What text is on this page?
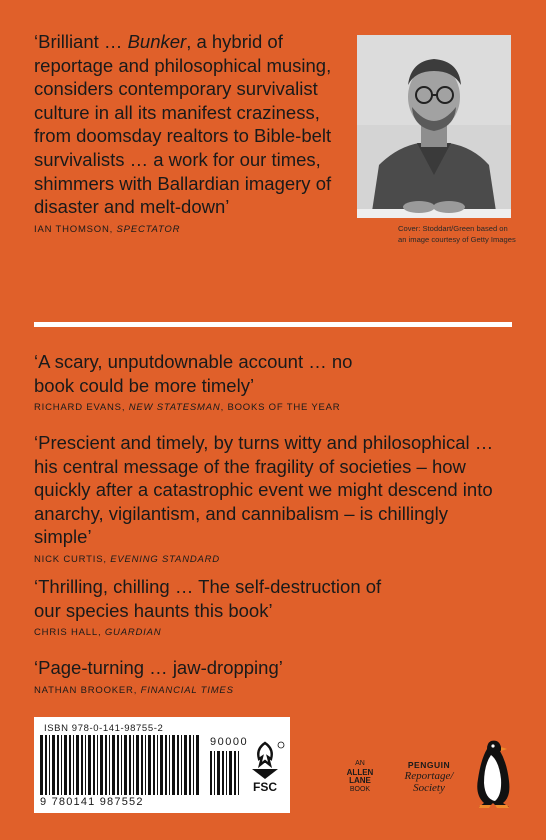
‘Brilliant … Bunker, a hybrid of reportage and philosophical musing, considers contemporary survivalist culture in all its manifest craziness, from doomsday realtors to Bible-belt survivalists … a work for our times, shimmers with Ballardian imagery of disaster and melt-down’
IAN THOMSON, SPECTATOR	Cover: Stoddart/Green based on an image courtesy of Getty Images
‘A scary, unputdownable account … no book could be more timely’
RICHARD EVANS, NEW STATESMAN, BOOKS OF THE YEAR
‘Prescient and timely, by turns witty and philosophical … his central message of the fragility of societies – how quickly after a catastrophic event we might descend into anarchy, vigilantism, and cannibalism – is chillingly simple’
NICK CURTIS, EVENING STANDARD
‘Thrilling, chilling … The self-destruction of our species haunts this book’
CHRIS HALL, GUARDIAN
‘Page-turning … jaw-dropping’
NATHAN BROOKER, FINANCIAL TIMES
ISBN 978-0-141-98755-2
90000
9 780141 987552
FSC
AN
ALLEN
LANE
BOOK
PENGUIN
Reportage/
Society
